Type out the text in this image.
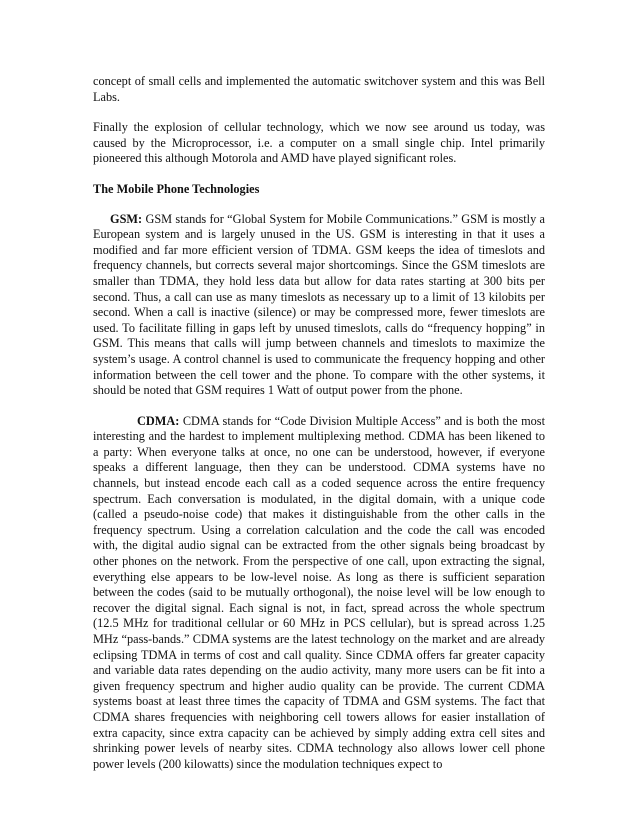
concept of small cells and implemented the automatic switchover system and this was Bell Labs.

Finally the explosion of cellular technology, which we now see around us today, was caused by the Microprocessor, i.e. a computer on a small single chip. Intel primarily pioneered this although Motorola and AMD have played significant roles.

The Mobile Phone Technologies

GSM: GSM stands for “Global System for Mobile Communications.” GSM is mostly a European system and is largely unused in the US. GSM is interesting in that it uses a modified and far more efficient version of TDMA. GSM keeps the idea of timeslots and frequency channels, but corrects several major shortcomings. Since the GSM timeslots are smaller than TDMA, they hold less data but allow for data rates starting at 300 bits per second. Thus, a call can use as many timeslots as necessary up to a limit of 13 kilobits per second. When a call is inactive (silence) or may be compressed more, fewer timeslots are used. To facilitate filling in gaps left by unused timeslots, calls do “frequency hopping” in GSM. This means that calls will jump between channels and timeslots to maximize the system’s usage. A control channel is used to communicate the frequency hopping and other information between the cell tower and the phone. To compare with the other systems, it should be noted that GSM requires 1 Watt of output power from the phone.

CDMA: CDMA stands for “Code Division Multiple Access” and is both the most interesting and the hardest to implement multiplexing method. CDMA has been likened to a party: When everyone talks at once, no one can be understood, however, if everyone speaks a different language, then they can be understood. CDMA systems have no channels, but instead encode each call as a coded sequence across the entire frequency spectrum. Each conversation is modulated, in the digital domain, with a unique code (called a pseudo-noise code) that makes it distinguishable from the other calls in the frequency spectrum. Using a correlation calculation and the code the call was encoded with, the digital audio signal can be extracted from the other signals being broadcast by other phones on the network. From the perspective of one call, upon extracting the signal, everything else appears to be low-level noise. As long as there is sufficient separation between the codes (said to be mutually orthogonal), the noise level will be low enough to recover the digital signal. Each signal is not, in fact, spread across the whole spectrum (12.5 MHz for traditional cellular or 60 MHz in PCS cellular), but is spread across 1.25 MHz “pass-bands.” CDMA systems are the latest technology on the market and are already eclipsing TDMA in terms of cost and call quality. Since CDMA offers far greater capacity and variable data rates depending on the audio activity, many more users can be fit into a given frequency spectrum and higher audio quality can be provide. The current CDMA systems boast at least three times the capacity of TDMA and GSM systems. The fact that CDMA shares frequencies with neighboring cell towers allows for easier installation of extra capacity, since extra capacity can be achieved by simply adding extra cell sites and shrinking power levels of nearby sites. CDMA technology also allows lower cell phone power levels (200 kilowatts) since the modulation techniques expect to
